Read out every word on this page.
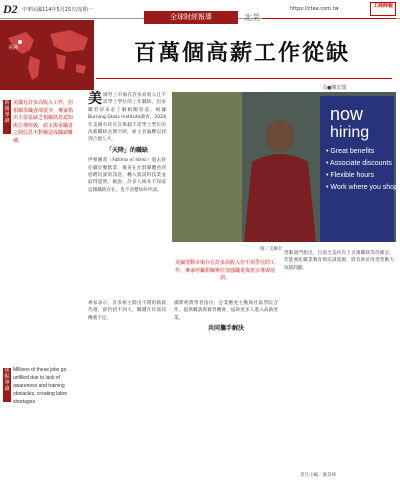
D2 中華民國114年5月15日/星期一	https://ctee.com.tw	工商時報
美洲
全球財經報導	北美
百萬個高薪工作從缺
文●陳宏瑞
新聞導讀
美國有許多高收入工作，但相關求職者卻很少，專家指出主要是缺乏相關訊息認知與引導所致，雇主與求職者之間信息不對稱造成職缺難補。
焦點導讀
Millions of these jobs go unfilled due to lack of awareness and training obstacles, creating labor shortages
美 國勞工市場有許多高收入且不需學士學位的工作職缺，但求職者卻未必了解相關管道。根據Burning Glass Institute調查，2024年美國有約有百萬個不需學士學位的高薪職缺長期空缺，雇主普遍難以找到合適人才。
「天降」的職缺
伊頓圖書（Fatima el Idrisi）過去曾任職於餐飲業，後來在社群媒體看到招聘培訓的訊息，轉入資訊科技業並取得證照。她說，許多人根本不知道這類職缺存在，也不清楚如何申請。
now
hiring
• Great benefits
• Associate discounts
• Flexible hours
• Work where you shop
圖／美聯社
美國勞動市場存在許多高收入但不需學位的工作，專家呼籲相關單位加強職業資訊宣導與培訓。
專家表示，許多雇主開出不錯的薪資待遇，卻仍招不到人，關鍵在於資訊傳遞不足。
國際經濟學者指出，企業應更主動與社區學院合作，提供職訓與實習機會，協助更多人進入高薪產業。
共同攜手解決
勞動部門指出，目前全美約有上百萬職缺等待補足，若能強化職業教育與培訓資源，將有助於改善勞動力短缺問題。
責任主編／蕭景峰
